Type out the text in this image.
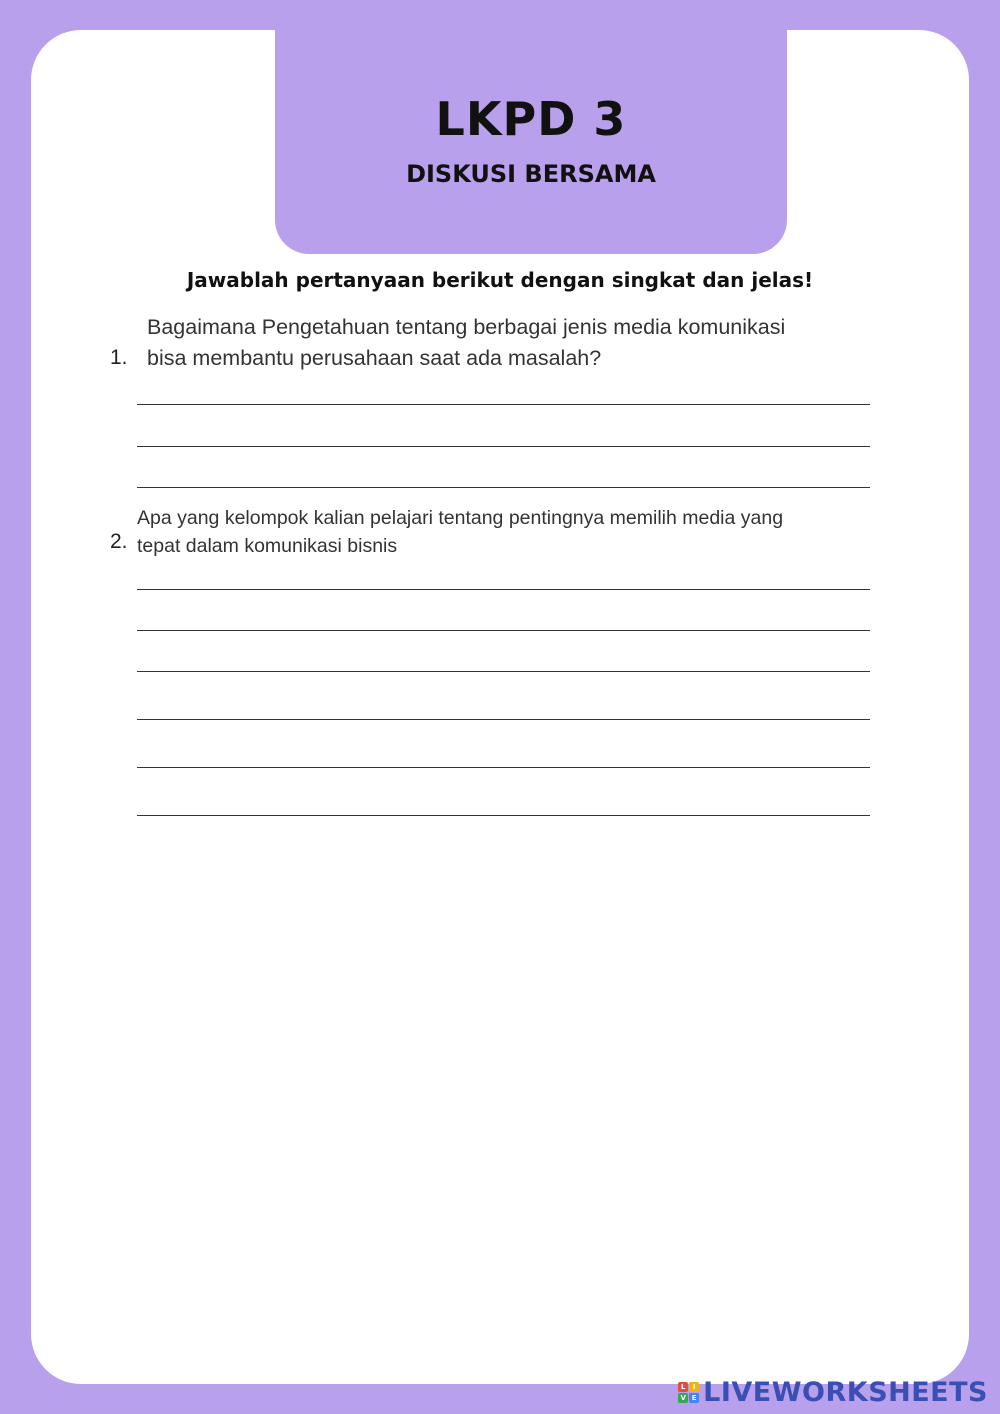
LKPD 3
DISKUSI BERSAMA
Jawablah pertanyaan berikut dengan singkat dan jelas!
1.
Bagaimana Pengetahuan tentang berbagai jenis media komunikasi
bisa membantu perusahaan saat ada masalah?
2.
Apa yang kelompok kalian pelajari tentang pentingnya memilih media yang
tepat dalam komunikasi bisnis
L	I
V E LIVEWORKSHEETS
